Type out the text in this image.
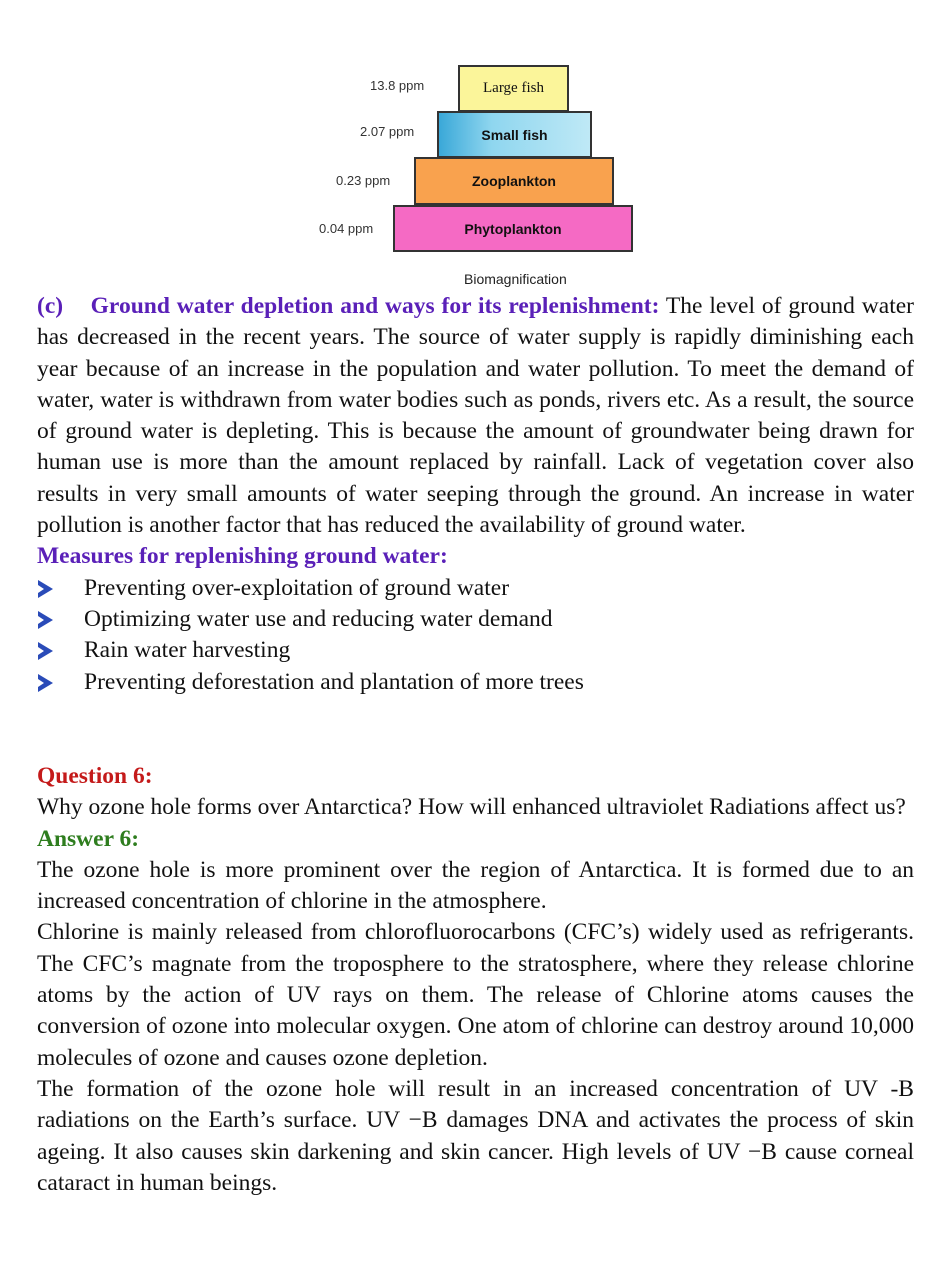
13.8 ppm	Large fish
2.07 ppm	Small fish
0.23 ppm	Zooplankton
0.04 ppm	Phytoplankton
Biomagnification
(c) Ground water depletion and ways for its replenishment: The level of ground water has decreased in the recent years. The source of water supply is rapidly diminishing each year because of an increase in the population and water pollution. To meet the demand of water, water is withdrawn from water bodies such as ponds, rivers etc. As a result, the source of ground water is depleting. This is because the amount of groundwater being drawn for human use is more than the amount replaced by rainfall. Lack of vegetation cover also results in very small amounts of water seeping through the ground. An increase in water pollution is another factor that has reduced the availability of ground water.
Measures for replenishing ground water:
Preventing over-exploitation of ground water
Optimizing water use and reducing water demand
Rain water harvesting
Preventing deforestation and plantation of more trees
Question 6:
Why ozone hole forms over Antarctica? How will enhanced ultraviolet Radiations affect us?
Answer 6:
The ozone hole is more prominent over the region of Antarctica. It is formed due to an increased concentration of chlorine in the atmosphere.
Chlorine is mainly released from chlorofluorocarbons (CFC’s) widely used as refrigerants. The CFC’s magnate from the troposphere to the stratosphere, where they release chlorine atoms by the action of UV rays on them. The release of Chlorine atoms causes the conversion of ozone into molecular oxygen. One atom of chlorine can destroy around 10,000 molecules of ozone and causes ozone depletion.
The formation of the ozone hole will result in an increased concentration of UV -B radiations on the Earth’s surface. UV −B damages DNA and activates the process of skin ageing. It also causes skin darkening and skin cancer. High levels of UV −B cause corneal cataract in human beings.
